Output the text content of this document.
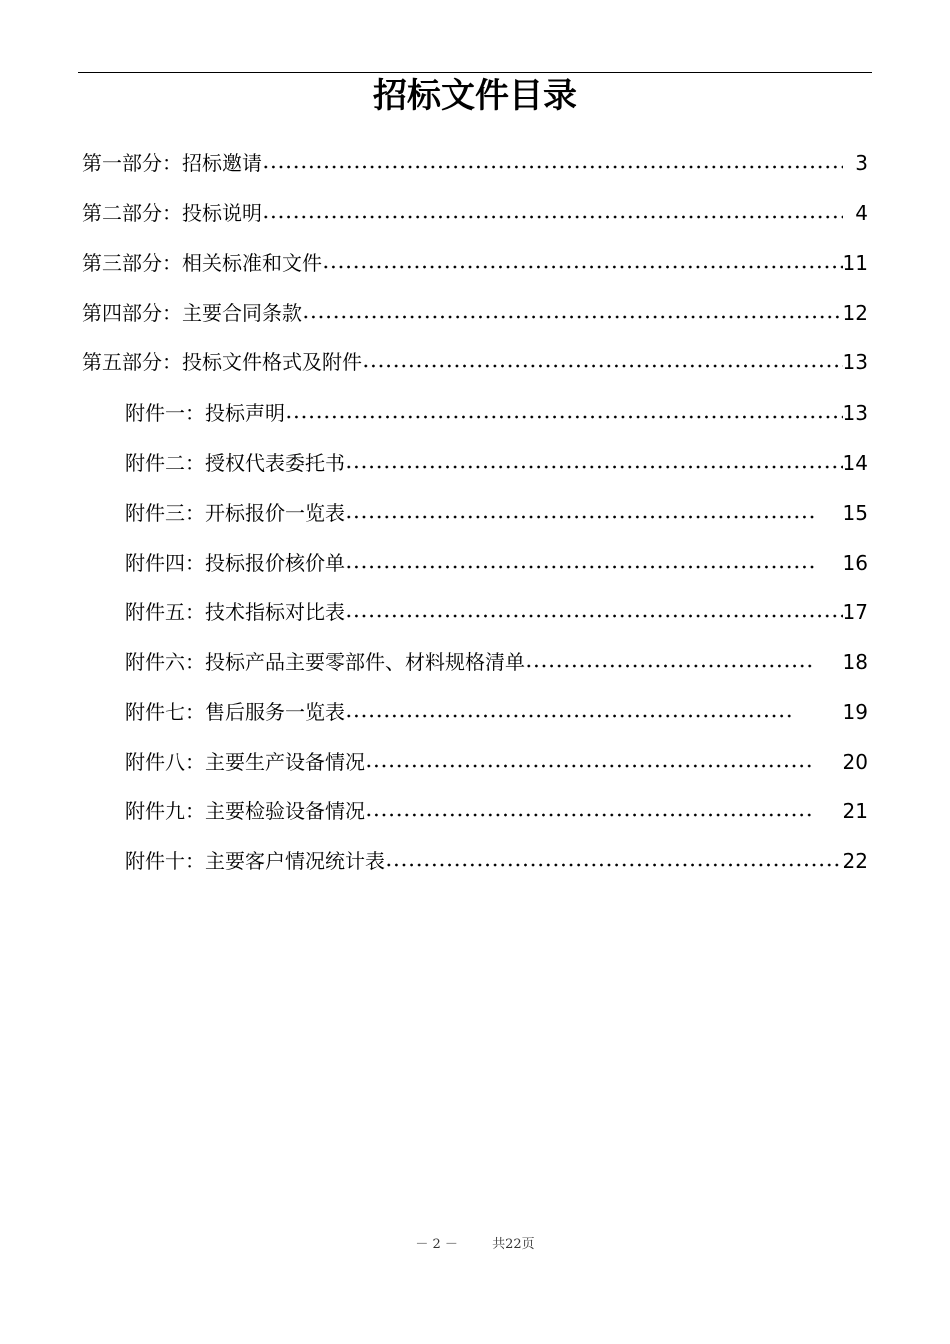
招标文件目录
第一部分：招标邀请	3
第二部分：投标说明	4
第三部分：相关标准和文件	11
第四部分：主要合同条款	12
第五部分：投标文件格式及附件	13
附件一：投标声明	13
附件二：授权代表委托书	14
附件三：开标报价一览表	15
附件四：投标报价核价单	16
附件五：技术指标对比表	17
附件六：投标产品主要零部件、材料规格清单	18
附件七：售后服务一览表	19
附件八：主要生产设备情况	20
附件九：主要检验设备情况	21
附件十：主要客户情况统计表	22
－ 2 －	共22页
